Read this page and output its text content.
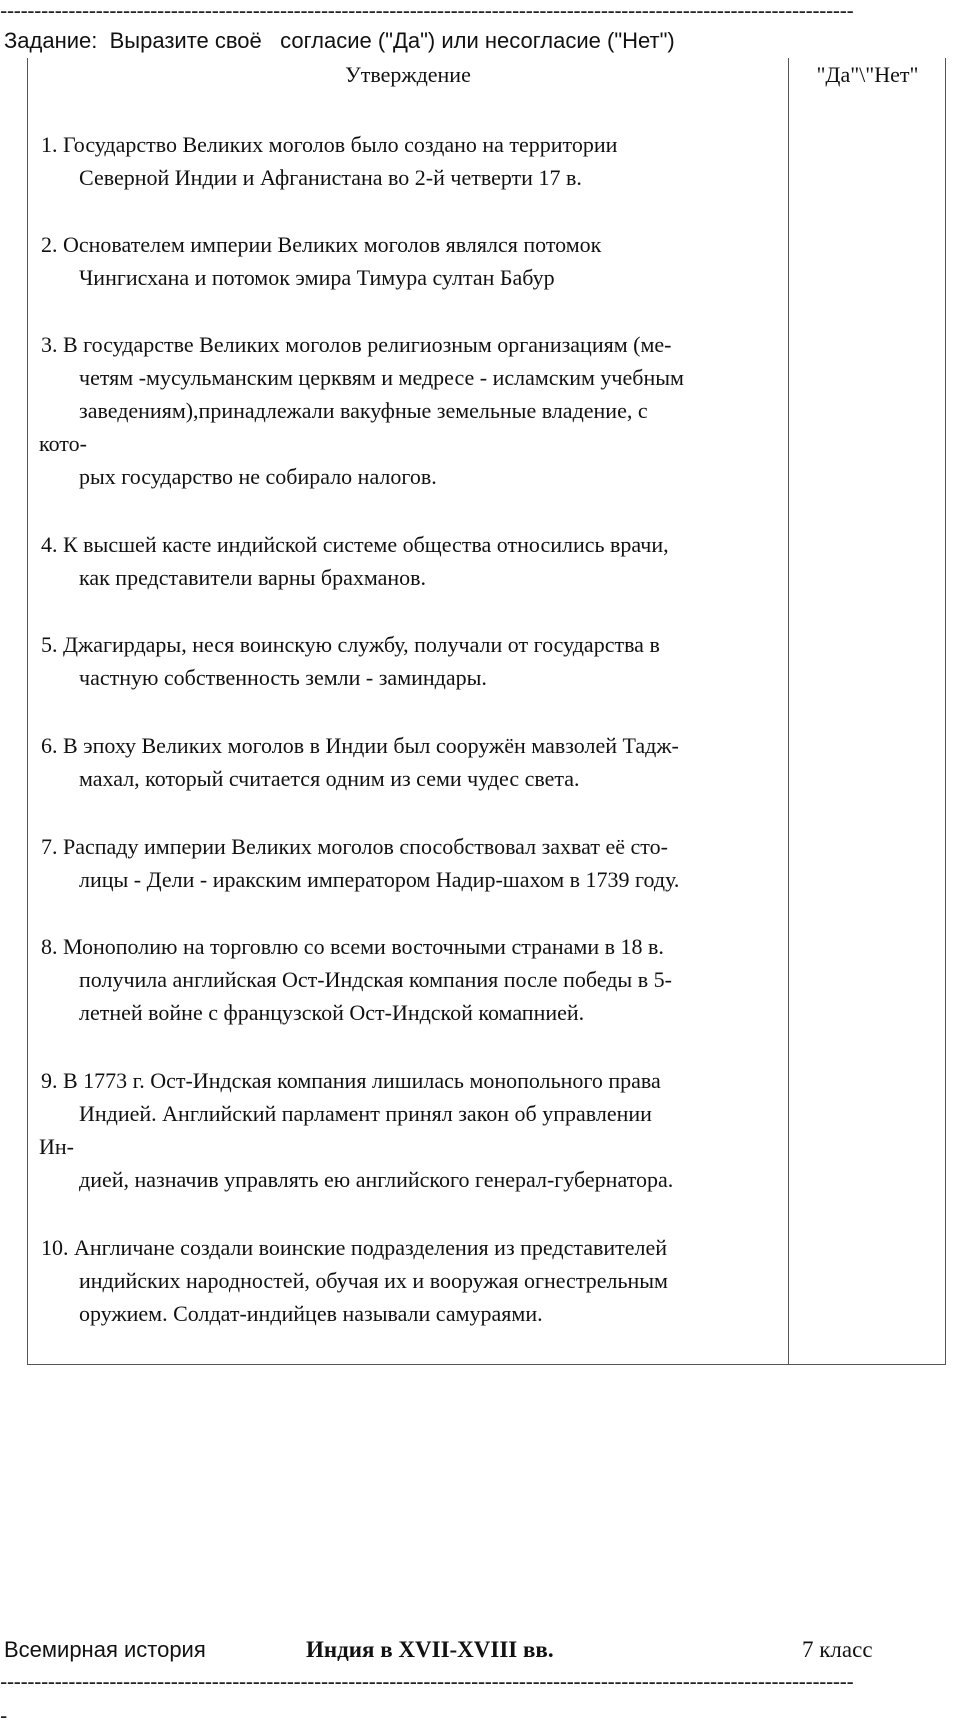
-----------------------------------------------------------------------------------------------------------------------------
Задание:  Выразите своё   согласие ("Да") или несогласие ("Нет")
Утверждение	"Да"\"Нет"
1. Государство Великих моголов было создано на территории
Северной Индии и Афганистана во 2-й четверти 17 в.
2. Основателем империи Великих моголов являлся потомок
Чингисхана и потомок эмира Тимура султан Бабур
3. В государстве Великих моголов религиозным организациям (ме-
четям -мусульманским церквям и медресе - исламским учебным
заведениям),принадлежали вакуфные земельные владение, с
кото-
рых государство не собирало налогов.
4. К высшей касте индийской системе общества относились врачи,
как представители варны брахманов.
5. Джагирдары, неся воинскую службу, получали от государства в
частную собственность земли - заминдары.
6. В эпоху Великих моголов в Индии был сооружён мавзолей Тадж-
махал, который считается одним из семи чудес света.
7. Распаду империи Великих моголов способствовал захват её сто-
лицы - Дели - иракским императором Надир-шахом в 1739 году.
8. Монополию на торговлю со всеми восточными странами в 18 в.
получила английская Ост-Индская компания после победы в 5-
летней войне с французской Ост-Индской комапнией.
9. В 1773 г. Ост-Индская компания лишилась монопольного права
Индией. Английский парламент принял закон об управлении
Ин-
дией, назначив управлять ею английского генерал-губернатора.
10. Англичане создали воинские подразделения из представителей
индийских народностей, обучая их и вооружая огнестрельным
оружием. Солдат-индийцев называли самураями.
Всемирная история	Индия в XVII-XVIII вв.	7 класс
-----------------------------------------------------------------------------------------------------------------------------
-
